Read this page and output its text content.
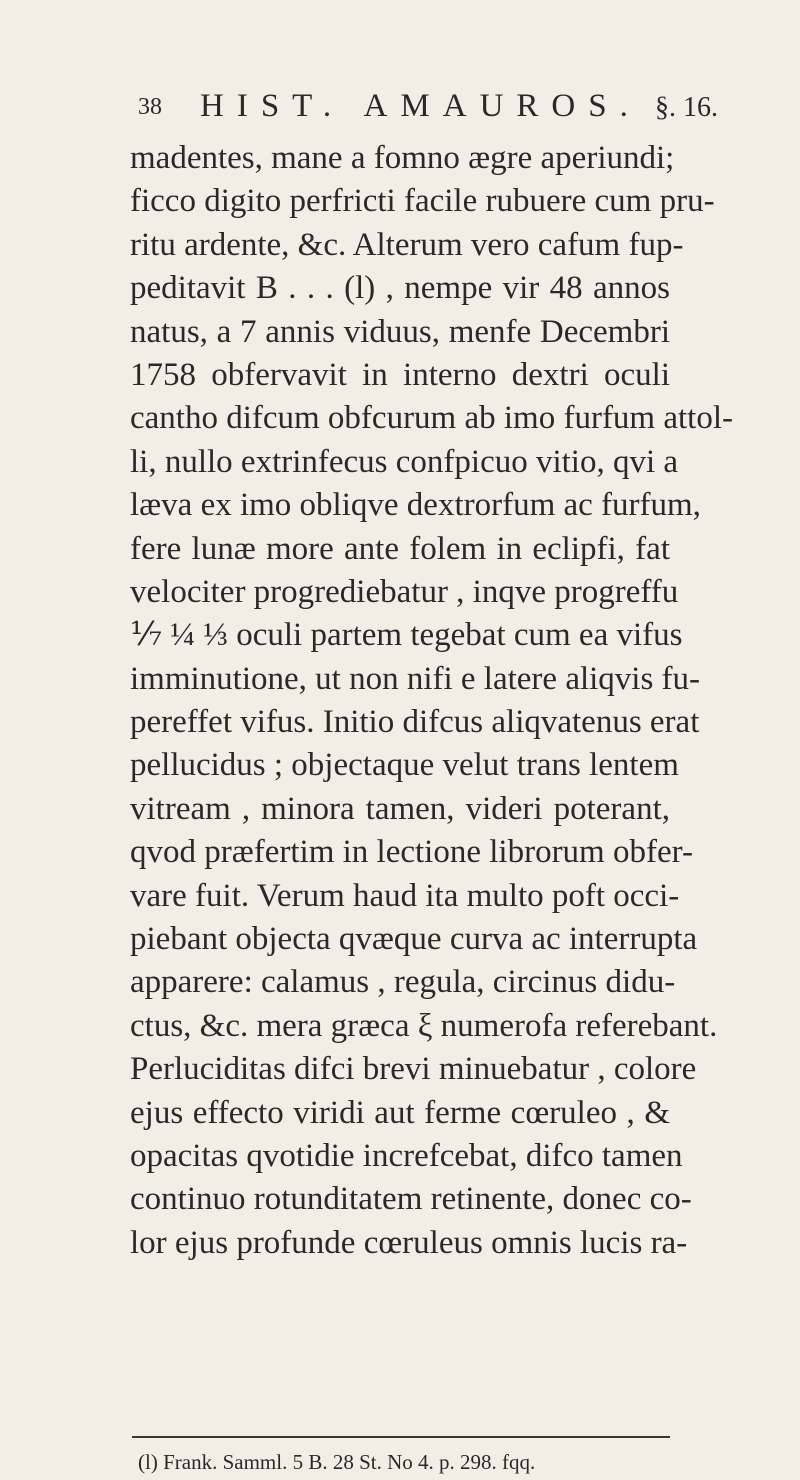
38 HIST. AMAUROS. §. 16.
madentes, mane a fomno ægre aperiundi;
ficco digito perfricti facile rubuere cum pru-
ritu ardente, &c. Alterum vero cafum fup-
peditavit B . . . (l) , nempe vir 48 annos
natus, a 7 annis viduus, menfe Decembri
1758 obfervavit in interno dextri oculi
cantho difcum obfcurum ab imo furfum attol-
li, nullo extrinfecus confpicuo vitio, qvi a
læva ex imo obliqve dextrorfum ac furfum,
fere lunæ more ante folem in eclipfi, fat
velociter progrediebatur , inqve progreffu
⅐ ¼ ⅓ oculi partem tegebat cum ea vifus
imminutione, ut non nifi e latere aliqvis fu-
pereffet vifus. Initio difcus aliqvatenus erat
pellucidus ; objectaque velut trans lentem
vitream , minora tamen, videri poterant,
qvod præfertim in lectione librorum obfer-
vare fuit. Verum haud ita multo poft occi-
piebant objecta qvæque curva ac interrupta
apparere: calamus , regula, circinus didu-
ctus, &c. mera græca ξ numerofa referebant.
Perluciditas difci brevi minuebatur , colore
ejus effecto viridi aut ferme cœruleo , &
opacitas qvotidie increfcebat, difco tamen
continuo rotunditatem retinente, donec co-
lor ejus profunde cœruleus omnis lucis ra-
(l) Frank. Samml. 5 B. 28 St. No 4. p. 298. fqq.
